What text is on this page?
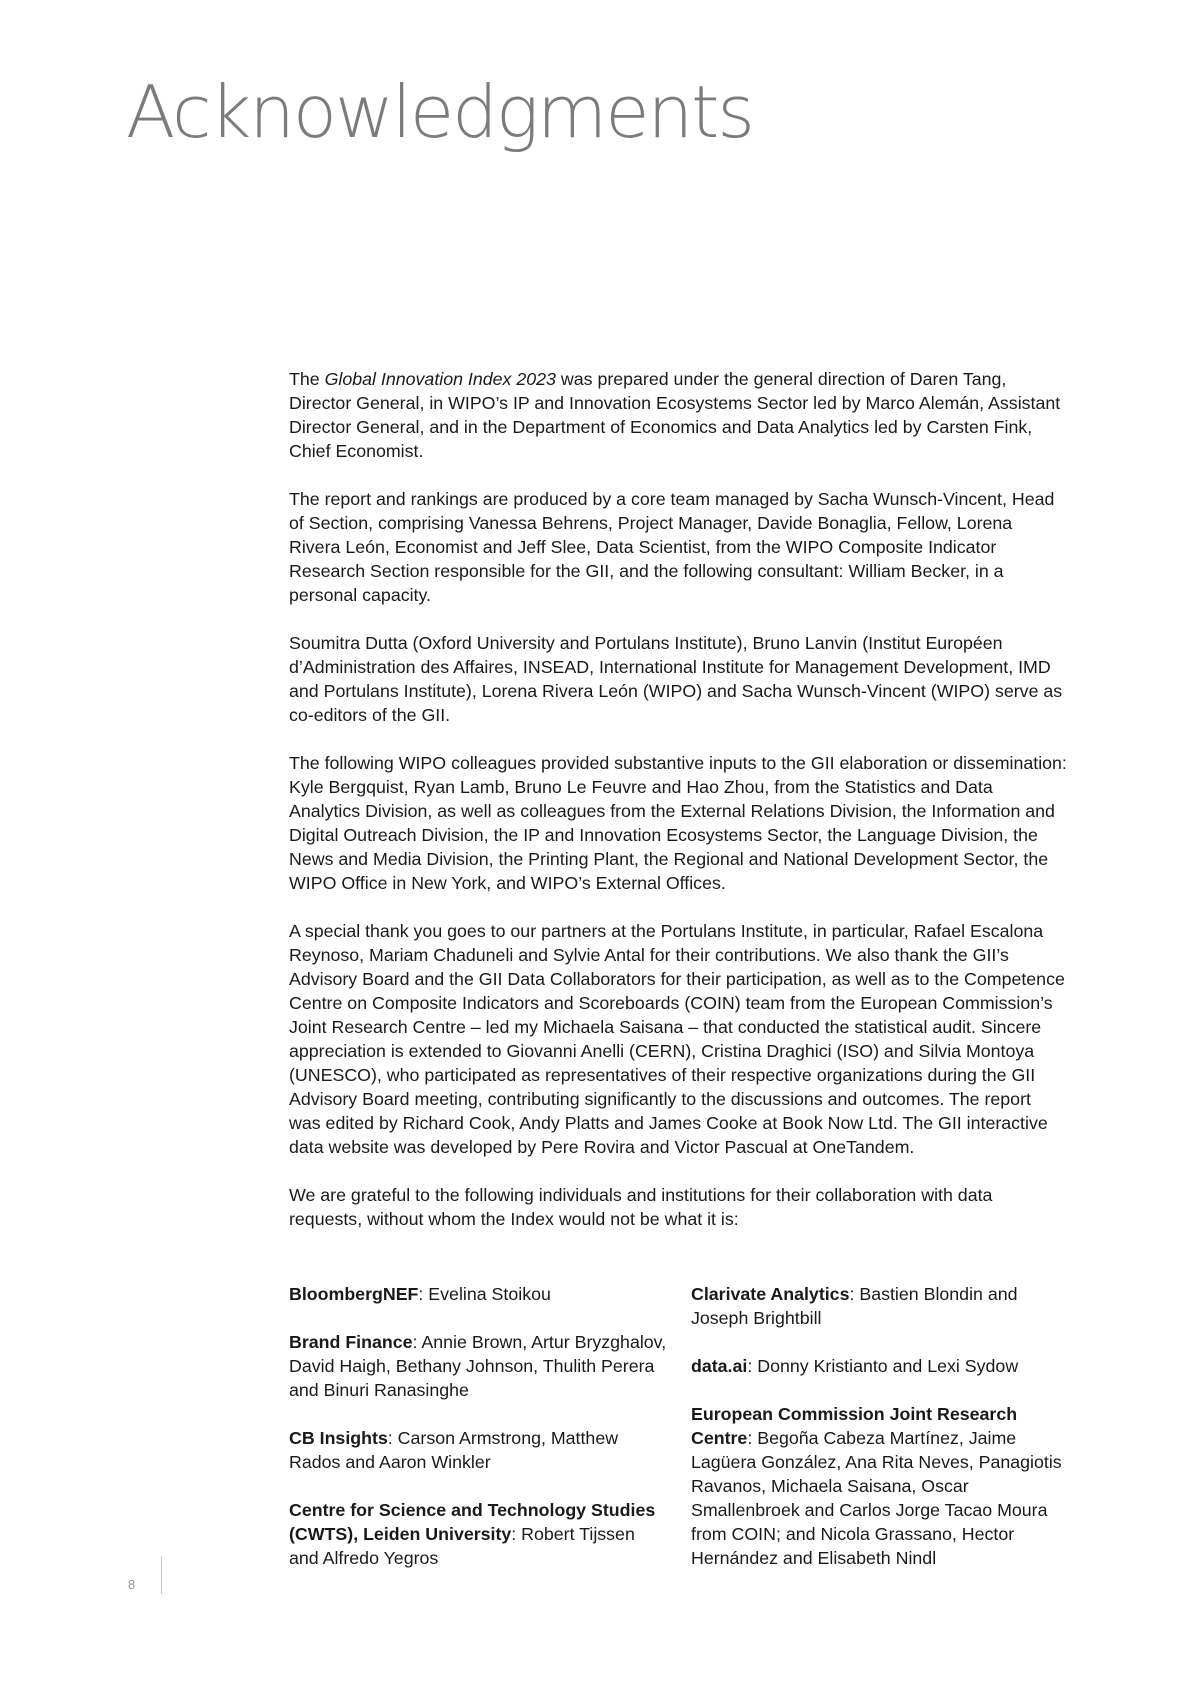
Acknowledgments

The Global Innovation Index 2023 was prepared under the general direction of Daren Tang, Director General, in WIPO’s IP and Innovation Ecosystems Sector led by Marco Alemán, Assistant Director General, and in the Department of Economics and Data Analytics led by Carsten Fink, Chief Economist.

The report and rankings are produced by a core team managed by Sacha Wunsch-Vincent, Head of Section, comprising Vanessa Behrens, Project Manager, Davide Bonaglia, Fellow, Lorena Rivera León, Economist and Jeff Slee, Data Scientist, from the WIPO Composite Indicator Research Section responsible for the GII, and the following consultant: William Becker, in a personal capacity.

Soumitra Dutta (Oxford University and Portulans Institute), Bruno Lanvin (Institut Européen d’Administration des Affaires, INSEAD, International Institute for Management Development, IMD and Portulans Institute), Lorena Rivera León (WIPO) and Sacha Wunsch-Vincent (WIPO) serve as co-editors of the GII.

The following WIPO colleagues provided substantive inputs to the GII elaboration or dissemination: Kyle Bergquist, Ryan Lamb, Bruno Le Feuvre and Hao Zhou, from the Statistics and Data Analytics Division, as well as colleagues from the External Relations Division, the Information and Digital Outreach Division, the IP and Innovation Ecosystems Sector, the Language Division, the News and Media Division, the Printing Plant, the Regional and National Development Sector, the WIPO Office in New York, and WIPO’s External Offices.

A special thank you goes to our partners at the Portulans Institute, in particular, Rafael Escalona Reynoso, Mariam Chaduneli and Sylvie Antal for their contributions. We also thank the GII’s Advisory Board and the GII Data Collaborators for their participation, as well as to the Competence Centre on Composite Indicators and Scoreboards (COIN) team from the European Commission’s Joint Research Centre – led my Michaela Saisana – that conducted the statistical audit. Sincere appreciation is extended to Giovanni Anelli (CERN), Cristina Draghici (ISO) and Silvia Montoya (UNESCO), who participated as representatives of their respective organizations during the GII Advisory Board meeting, contributing significantly to the discussions and outcomes. The report was edited by Richard Cook, Andy Platts and James Cooke at Book Now Ltd. The GII interactive data website was developed by Pere Rovira and Victor Pascual at OneTandem.

We are grateful to the following individuals and institutions for their collaboration with data requests, without whom the Index would not be what it is:

BloombergNEF: Evelina Stoikou
Brand Finance: Annie Brown, Artur Bryzghalov, David Haigh, Bethany Johnson, Thulith Perera and Binuri Ranasinghe
CB Insights: Carson Armstrong, Matthew Rados and Aaron Winkler
Centre for Science and Technology Studies (CWTS), Leiden University: Robert Tijssen and Alfredo Yegros
Clarivate Analytics: Bastien Blondin and Joseph Brightbill
data.ai: Donny Kristianto and Lexi Sydow
European Commission Joint Research Centre: Begoña Cabeza Martínez, Jaime Lagüera González, Ana Rita Neves, Panagiotis Ravanos, Michaela Saisana, Oscar Smallenbroek and Carlos Jorge Tacao Moura from COIN; and Nicola Grassano, Hector Hernández and Elisabeth Nindl
8
